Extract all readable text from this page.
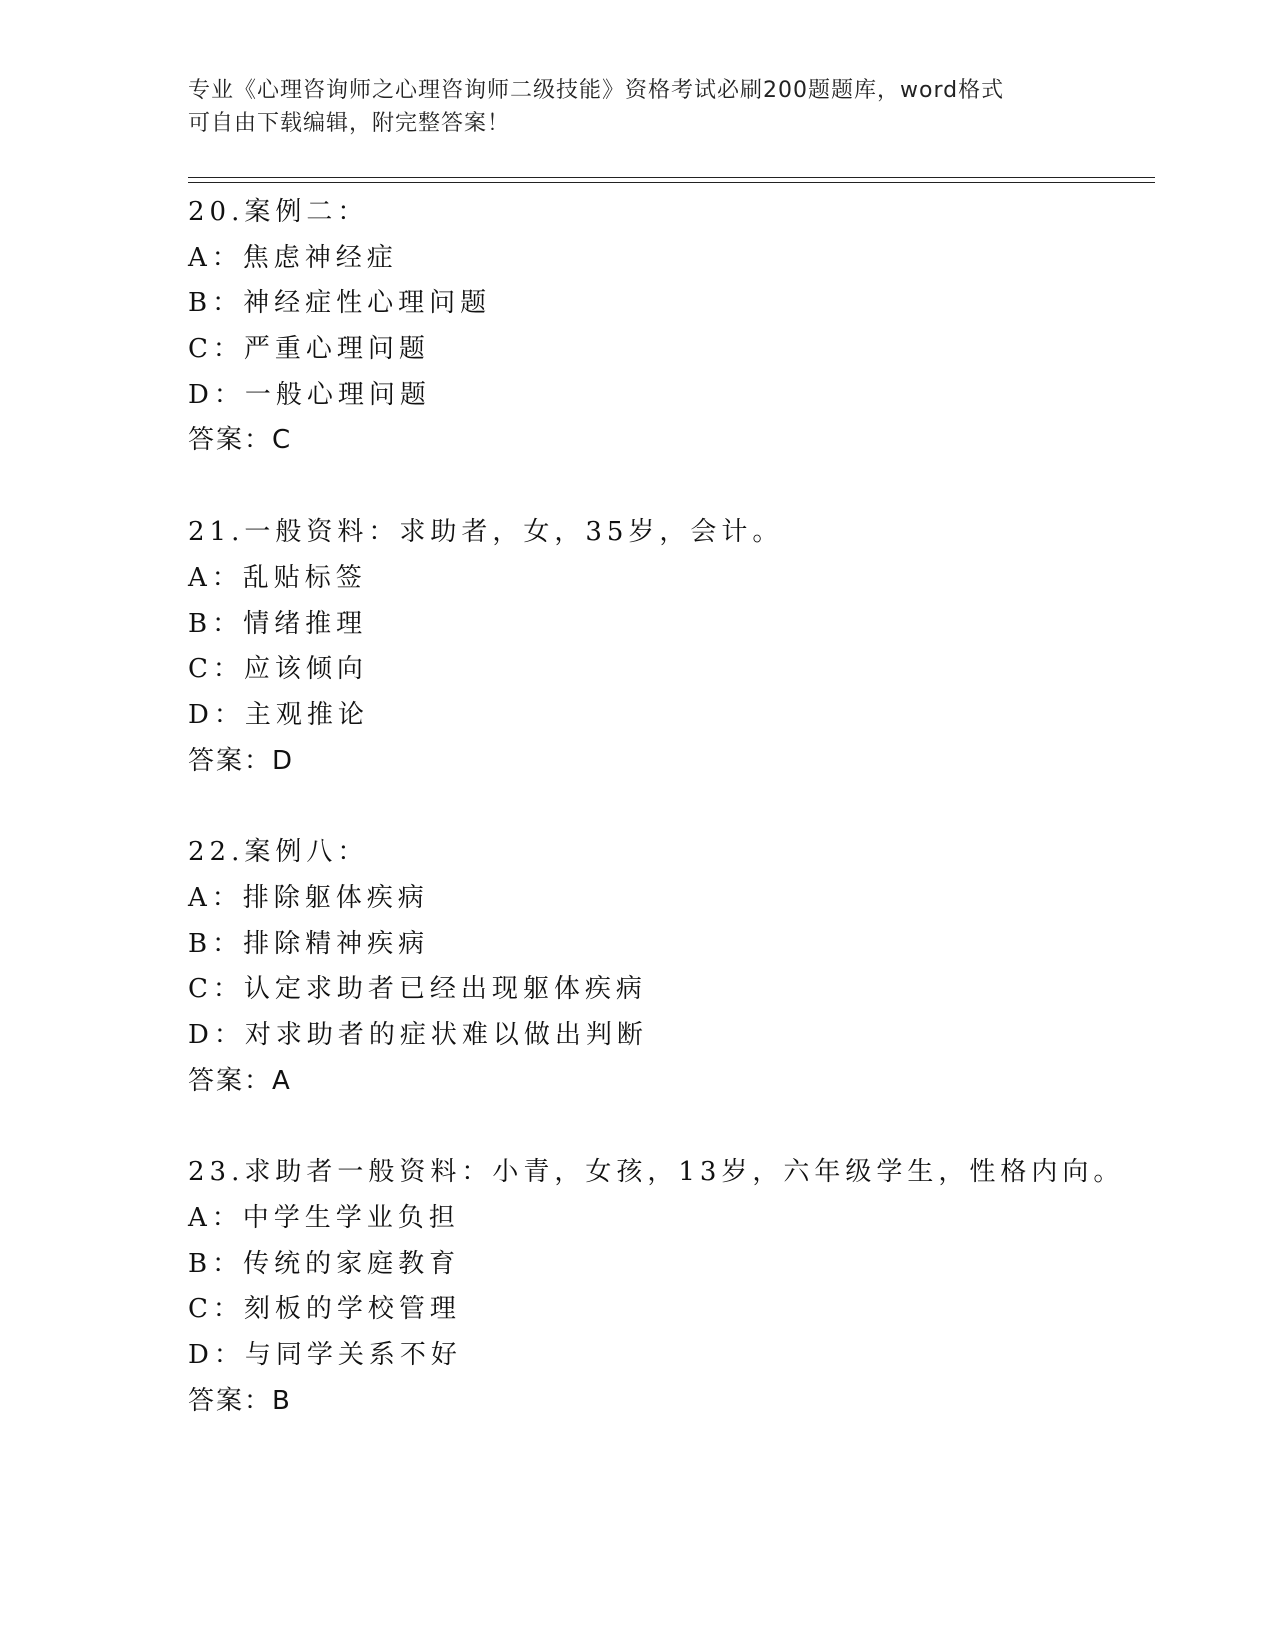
专业《心理咨询师之心理咨询师二级技能》资格考试必刷200题题库，word格式
可自由下载编辑，附完整答案！
20.案例二：
A：焦虑神经症
B：神经症性心理问题
C：严重心理问题
D：一般心理问题
答案：C
21.一般资料：求助者，女，35岁，会计。
A：乱贴标签
B：情绪推理
C：应该倾向
D：主观推论
答案：D
22.案例八：
A：排除躯体疾病
B：排除精神疾病
C：认定求助者已经出现躯体疾病
D：对求助者的症状难以做出判断
答案：A
23.求助者一般资料：小青，女孩，13岁，六年级学生，性格内向。
A：中学生学业负担
B：传统的家庭教育
C：刻板的学校管理
D：与同学关系不好
答案：B
